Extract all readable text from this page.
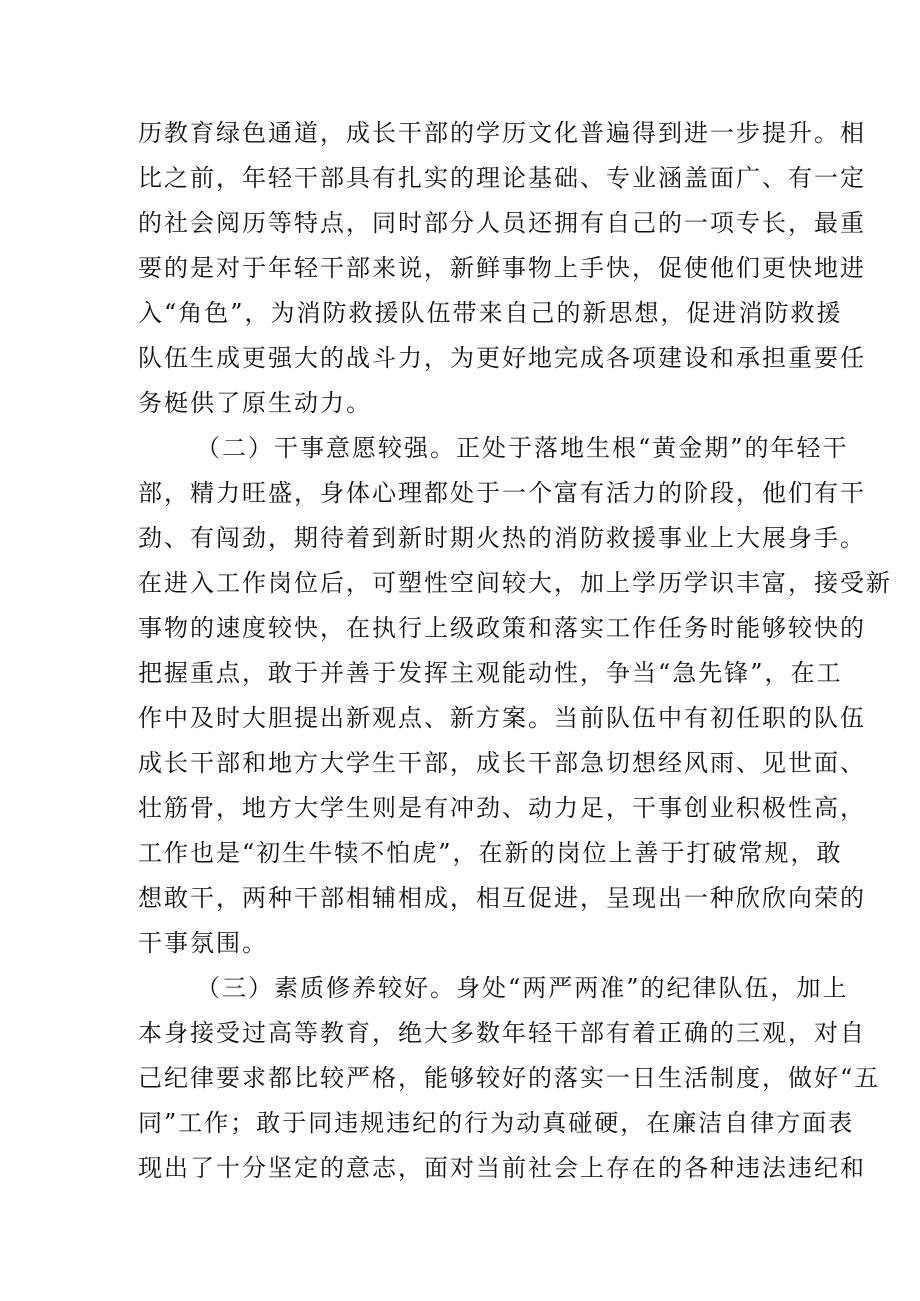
历教育绿色通道，成长干部的学历文化普遍得到进一步提升。相
比之前，年轻干部具有扎实的理论基础、专业涵盖面广、有一定
的社会阅历等特点，同时部分人员还拥有自己的一项专长，最重
要的是对于年轻干部来说，新鲜事物上手快，促使他们更快地进
入“角色”，为消防救援队伍带来自己的新思想，促进消防救援
队伍生成更强大的战斗力，为更好地完成各项建设和承担重要任
务梃供了原生动力。
（二）干事意愿较强。正处于落地生根“黄金期”的年轻干
部，精力旺盛，身体心理都处于一个富有活力的阶段，他们有干
劲、有闯劲，期待着到新时期火热的消防救援事业上大展身手。
在进入工作岗位后，可塑性空间较大，加上学历学识丰富，接受新
事物的速度较快，在执行上级政策和落实工作任务时能够较快的
把握重点，敢于并善于发挥主观能动性，争当“急先锋”，在工
作中及时大胆提出新观点、新方案。当前队伍中有初任职的队伍
成长干部和地方大学生干部，成长干部急切想经风雨、见世面、
壮筋骨，地方大学生则是有冲劲、动力足，干事创业积极性高，
工作也是“初生牛犊不怕虎”，在新的岗位上善于打破常规，敢
想敢干，两种干部相辅相成，相互促进，呈现出一种欣欣向荣的
干事氛围。
（三）素质修养较好。身处“两严两准”的纪律队伍，加上
本身接受过高等教育，绝大多数年轻干部有着正确的三观，对自
己纪律要求都比较严格，能够较好的落实一日生活制度，做好“五
同”工作；敢于同违规违纪的行为动真碰硬，在廉洁自律方面表
现出了十分坚定的意志，面对当前社会上存在的各种违法违纪和
